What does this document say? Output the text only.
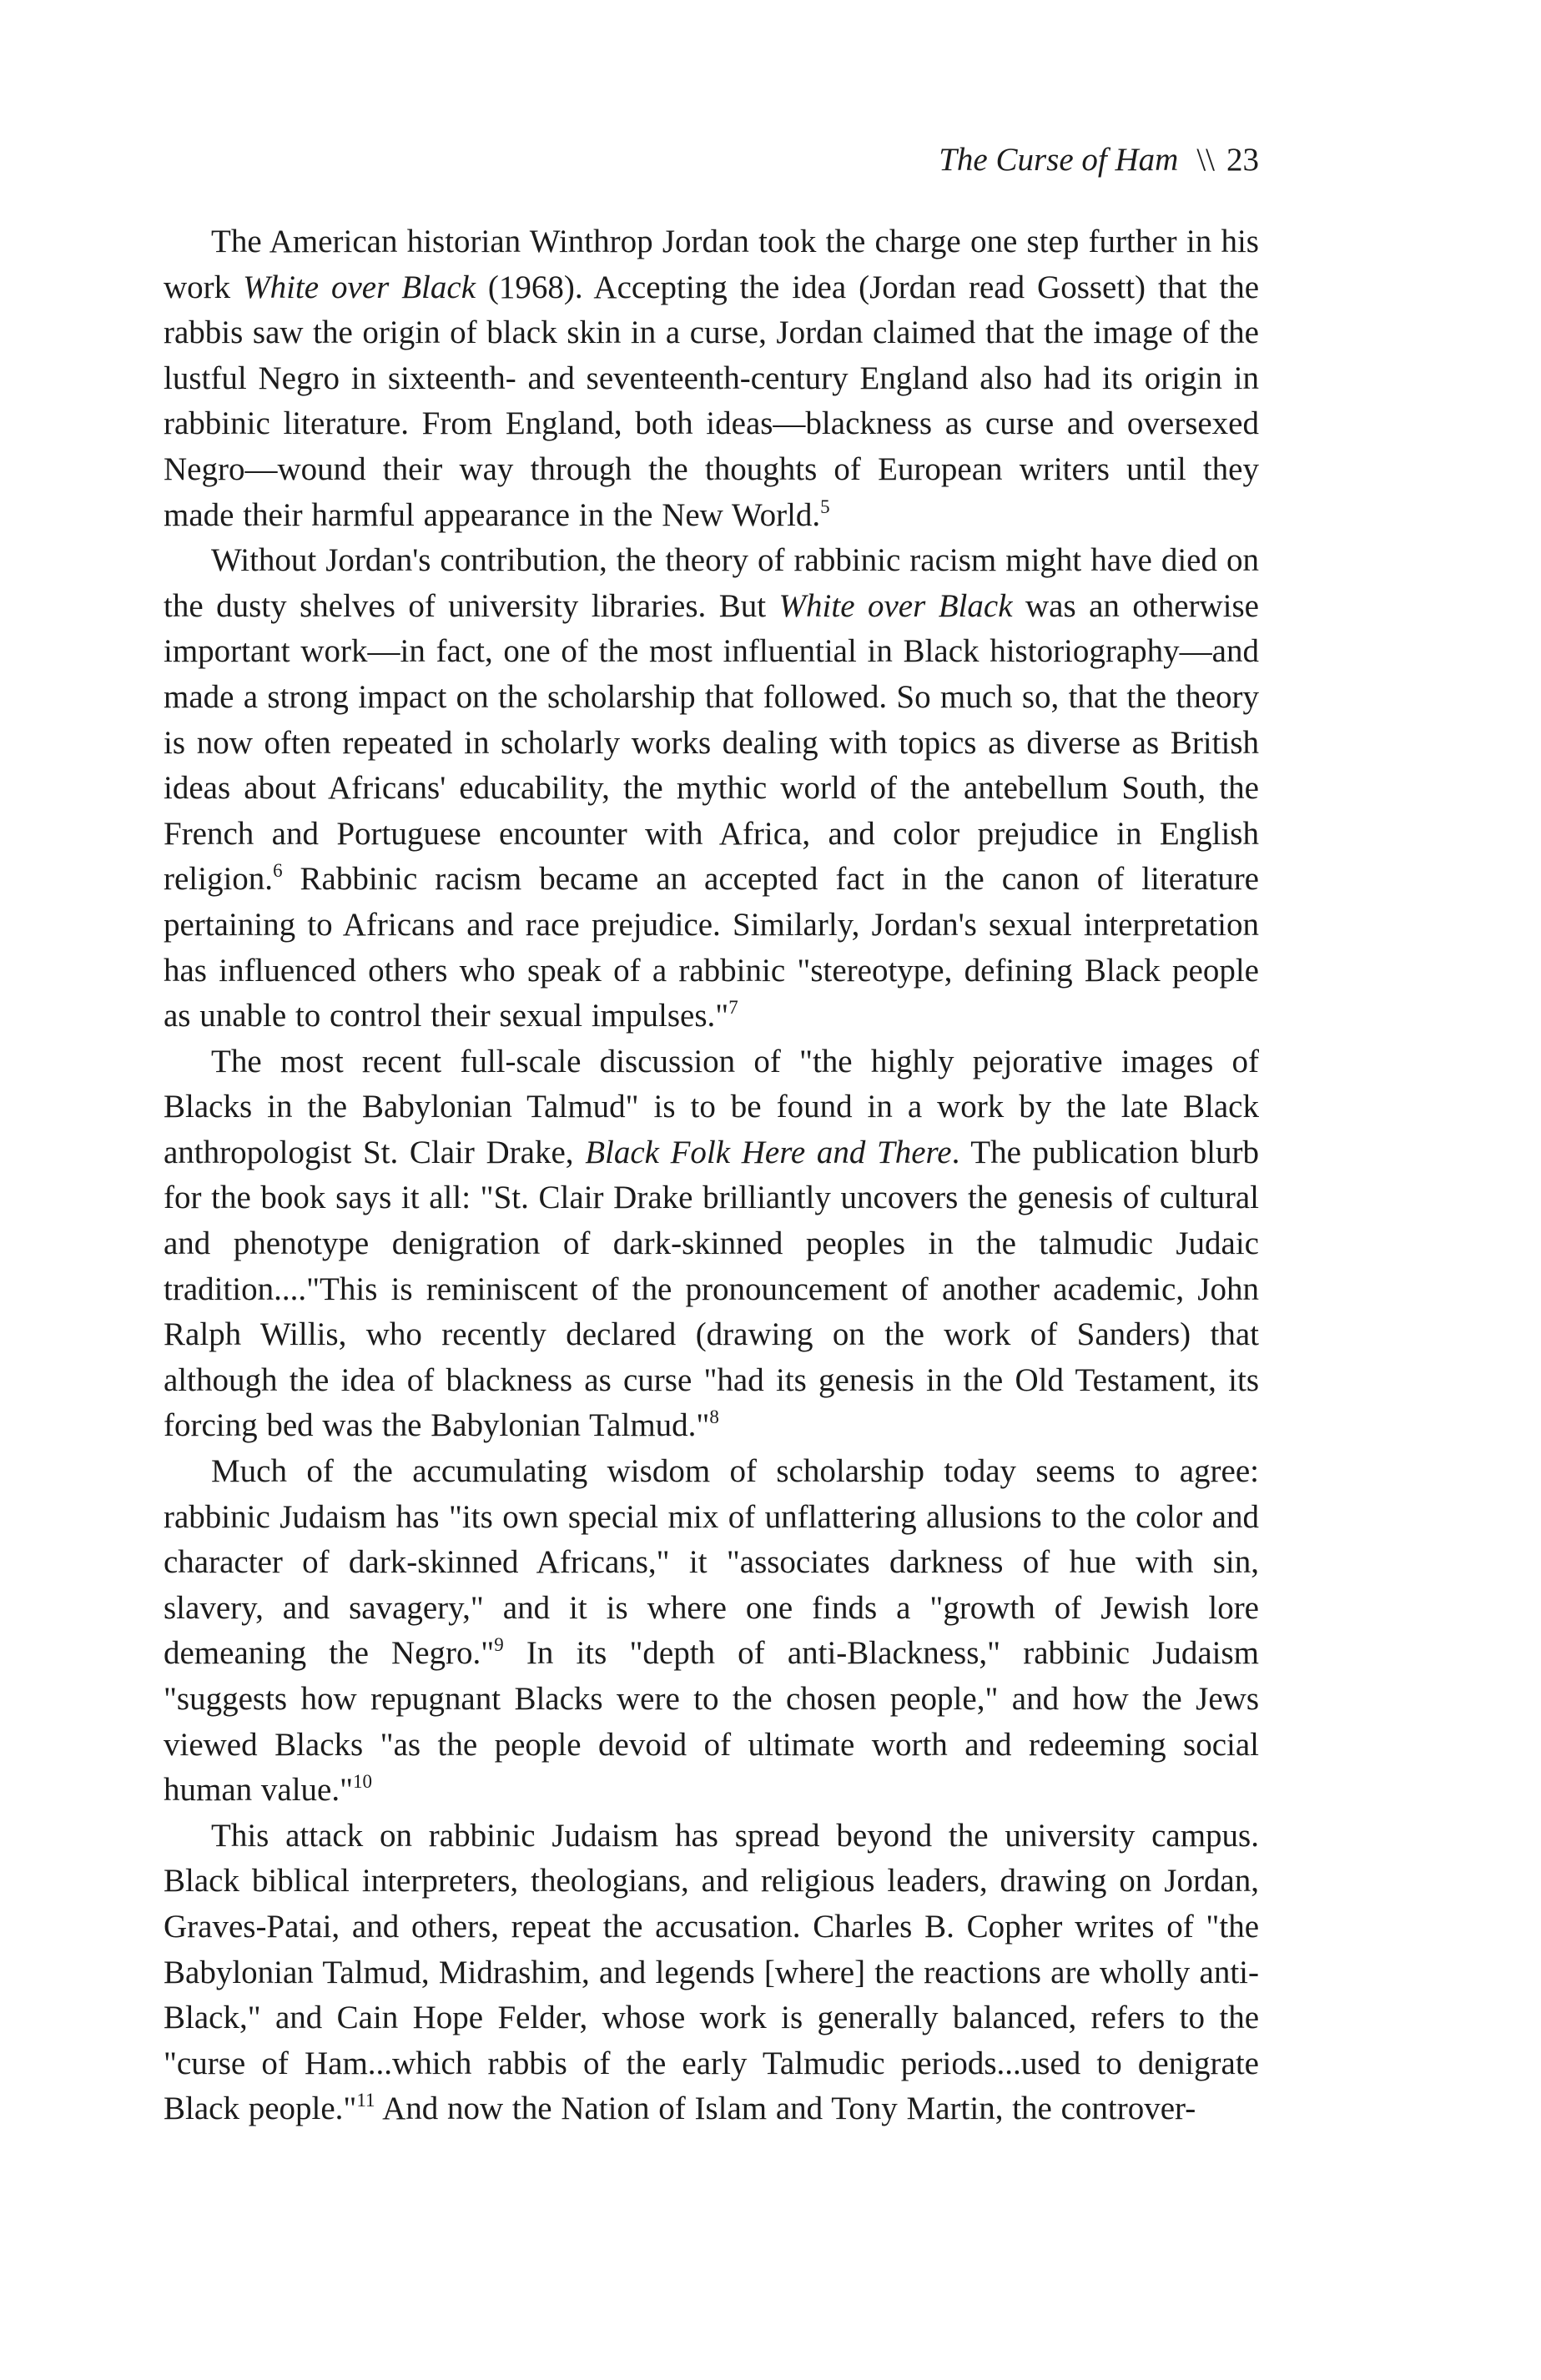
The Curse of Ham \\ 23

The American historian Winthrop Jordan took the charge one step further in his work White over Black (1968). Accepting the idea (Jordan read Gossett) that the rabbis saw the origin of black skin in a curse, Jordan claimed that the image of the lustful Negro in sixteenth- and seventeenth-century England also had its origin in rabbinic literature. From England, both ideas—blackness as curse and oversexed Negro—wound their way through the thoughts of European writers until they made their harmful appearance in the New World.$^5$

Without Jordan's contribution, the theory of rabbinic racism might have died on the dusty shelves of university libraries. But White over Black was an otherwise important work—in fact, one of the most influential in Black historiography—and made a strong impact on the scholarship that followed. So much so, that the theory is now often repeated in scholarly works dealing with topics as diverse as British ideas about Africans' educability, the mythic world of the antebellum South, the French and Portuguese encounter with Africa, and color prejudice in English religion.$^6$ Rabbinic racism became an accepted fact in the canon of literature pertaining to Africans and race prejudice. Similarly, Jordan's sexual interpretation has influenced others who speak of a rabbinic "stereotype, defining Black people as unable to control their sexual impulses."$^7$

The most recent full-scale discussion of "the highly pejorative images of Blacks in the Babylonian Talmud" is to be found in a work by the late Black anthropologist St. Clair Drake, Black Folk Here and There. The publication blurb for the book says it all: "St. Clair Drake brilliantly uncovers the genesis of cultural and phenotype denigration of dark-skinned peoples in the talmudic Judaic tradition...."This is reminiscent of the pronouncement of another academic, John Ralph Willis, who recently declared (drawing on the work of Sanders) that although the idea of blackness as curse "had its genesis in the Old Testament, its forcing bed was the Babylonian Talmud."$^8$

Much of the accumulating wisdom of scholarship today seems to agree: rabbinic Judaism has "its own special mix of unflattering allusions to the color and character of dark-skinned Africans," it "associates darkness of hue with sin, slavery, and savagery," and it is where one finds a "growth of Jewish lore demeaning the Negro."$^9$ In its "depth of anti-Blackness," rabbinic Judaism "suggests how repugnant Blacks were to the chosen people," and how the Jews viewed Blacks "as the people devoid of ultimate worth and redeeming social human value."$^{10}$

This attack on rabbinic Judaism has spread beyond the university campus. Black biblical interpreters, theologians, and religious leaders, drawing on Jordan, Graves-Patai, and others, repeat the accusation. Charles B. Copher writes of "the Babylonian Talmud, Midrashim, and legends [where] the reactions are wholly anti-Black," and Cain Hope Felder, whose work is generally balanced, refers to the "curse of Ham...which rabbis of the early Talmudic periods...used to denigrate Black people."$^{11}$ And now the Nation of Islam and Tony Martin, the controver-
